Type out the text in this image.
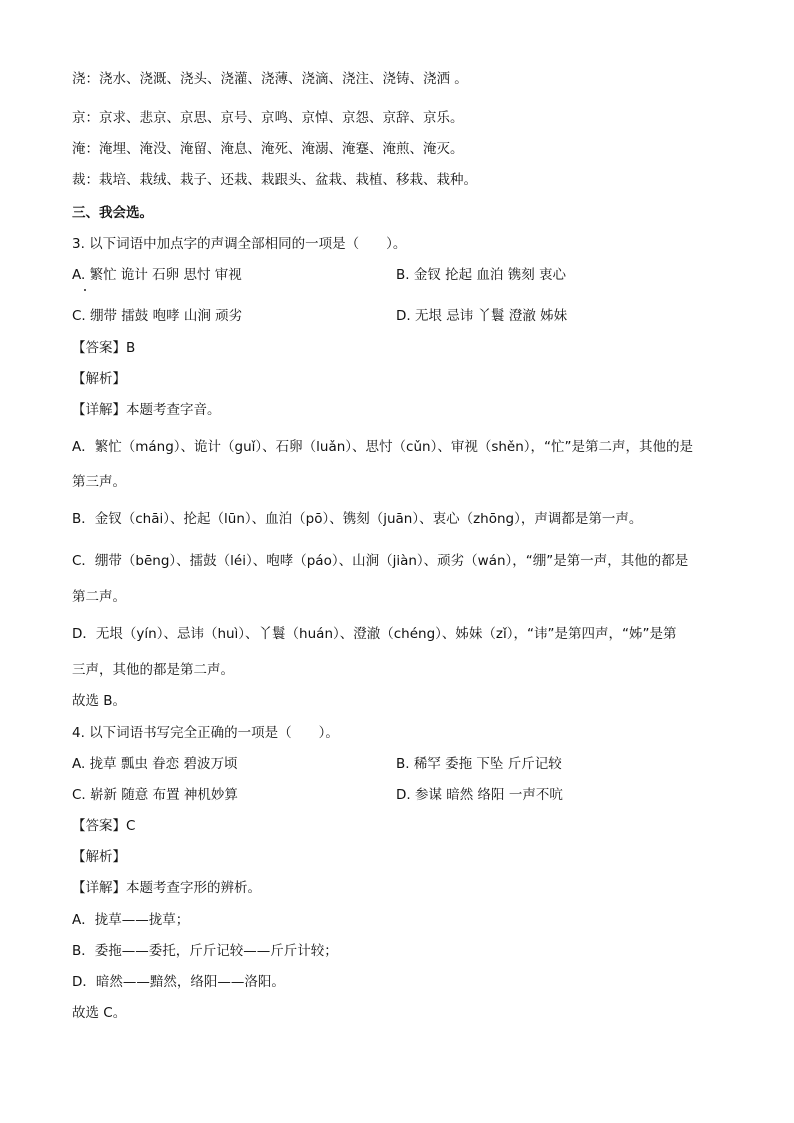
浇：浇水、浇溉、浇头、浇灌、浇薄、浇滴、浇注、浇铸、浇洒 。
京：京求、悲京、京思、京号、京鸣、京悼、京怨、京辞、京乐。
淹：淹埋、淹没、淹留、淹息、淹死、淹溺、淹蹇、淹煎、淹灭。
裁：栽培、栽绒、栽子、还栽、栽跟头、盆栽、栽植、移栽、栽种。
三、我会选。
3. 以下词语中加点字的声调全部相同的一项是（　　）。
A. 繁忙 诡计 石卵 思忖 审视	B. 金钗 抡起 血泊 镌刻 衷心
C. 绷带 擂鼓 咆哮 山涧 顽劣	D. 无垠 忌讳 丫鬟 澄澈 姊妹
【答案】B
【解析】
【详解】本题考查字音。
A．繁忙（máng）、诡计（guǐ）、石卵（luǎn）、思忖（cǔn）、审视（shěn），“忙”是第二声，其他的是
第三声。
B．金钗（chāi）、抡起（lūn）、血泊（pō）、镌刻（juān）、衷心（zhōng），声调都是第一声。
C．绷带（bēng）、擂鼓（léi）、咆哮（páo）、山涧（jiàn）、顽劣（wán），“绷”是第一声，其他的都是
第二声。
D．无垠（yín）、忌讳（huì）、丫鬟（huán）、澄澈（chéng）、姊妹（zǐ），“讳”是第四声，“姊”是第
三声，其他的都是第二声。
故选 B。
4. 以下词语书写完全正确的一项是（　　）。
A. 拢草 瓢虫 眷恋 碧波万顷	B. 稀罕 委拖 下坠 斤斤记较
C. 崭新 随意 布置 神机妙算	D. 参谋 暗然 络阳 一声不吭
【答案】C
【解析】
【详解】本题考查字形的辨析。
A．拢草——拢草；
B．委拖——委托，斤斤记较——斤斤计较；
D．暗然——黯然，络阳——洛阳。
故选 C。
